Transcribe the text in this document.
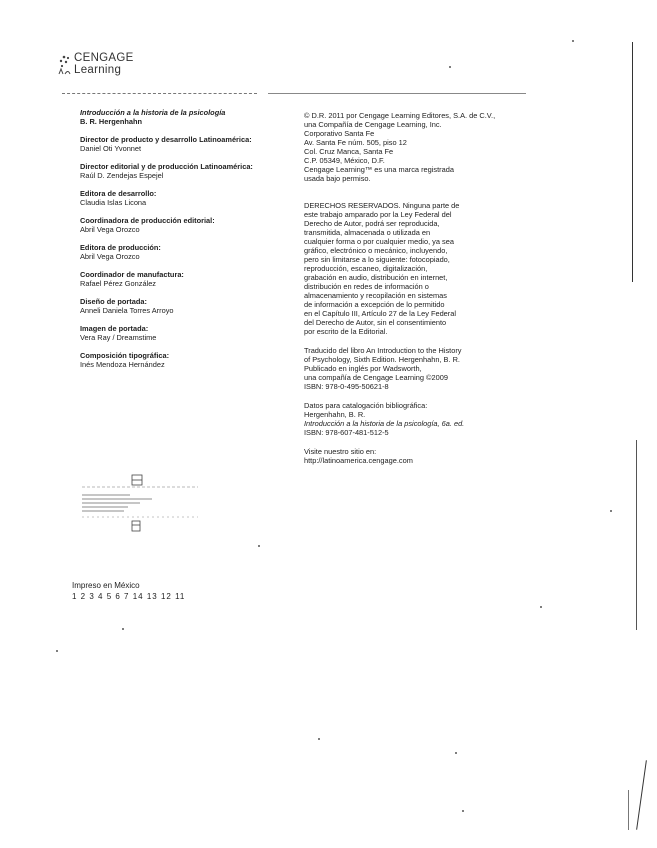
CENGAGE
Learning
Introducción a la historia de la psicología
B. R. Hergenhahn
Director de producto y desarrollo Latinoamérica:
Daniel Oti Yvonnet
Director editorial y de producción Latinoamérica:
Raúl D. Zendejas Espejel
Editora de desarrollo:
Claudia Islas Licona
Coordinadora de producción editorial:
Abril Vega Orozco
Editora de producción:
Abril Vega Orozco
Coordinador de manufactura:
Rafael Pérez González
Diseño de portada:
Anneli Daniela Torres Arroyo
Imagen de portada:
Vera Ray / Dreamstime
Composición tipográfica:
Inés Mendoza Hernández

© D.R. 2011 por Cengage Learning Editores, S.A. de C.V.,
una Compañía de Cengage Learning, Inc.
Corporativo Santa Fe
Av. Santa Fe núm. 505, piso 12
Col. Cruz Manca, Santa Fe
C.P. 05349, México, D.F.
Cengage Learning™ es una marca registrada
usada bajo permiso.

DERECHOS RESERVADOS. Ninguna parte de
este trabajo amparado por la Ley Federal del
Derecho de Autor, podrá ser reproducida,
transmitida, almacenada o utilizada en
cualquier forma o por cualquier medio, ya sea
gráfico, electrónico o mecánico, incluyendo,
pero sin limitarse a lo siguiente: fotocopiado,
reproducción, escaneo, digitalización,
grabación en audio, distribución en internet,
distribución en redes de información o
almacenamiento y recopilación en sistemas
de información a excepción de lo permitido
en el Capítulo III, Artículo 27 de la Ley Federal
del Derecho de Autor, sin el consentimiento
por escrito de la Editorial.

Traducido del libro An Introduction to the History
of Psychology, Sixth Edition. Hergenhahn, B. R.
Publicado en inglés por Wadsworth,
una compañía de Cengage Learning ©2009
ISBN: 978-0-495-50621-8

Datos para catalogación bibliográfica:
Hergenhahn, B. R.
Introducción a la historia de la psicología, 6a. ed.
ISBN: 978-607-481-512-5

Visite nuestro sitio en:
http://latinoamerica.cengage.com

Impreso en México
1 2 3 4 5 6 7 14 13 12 11
